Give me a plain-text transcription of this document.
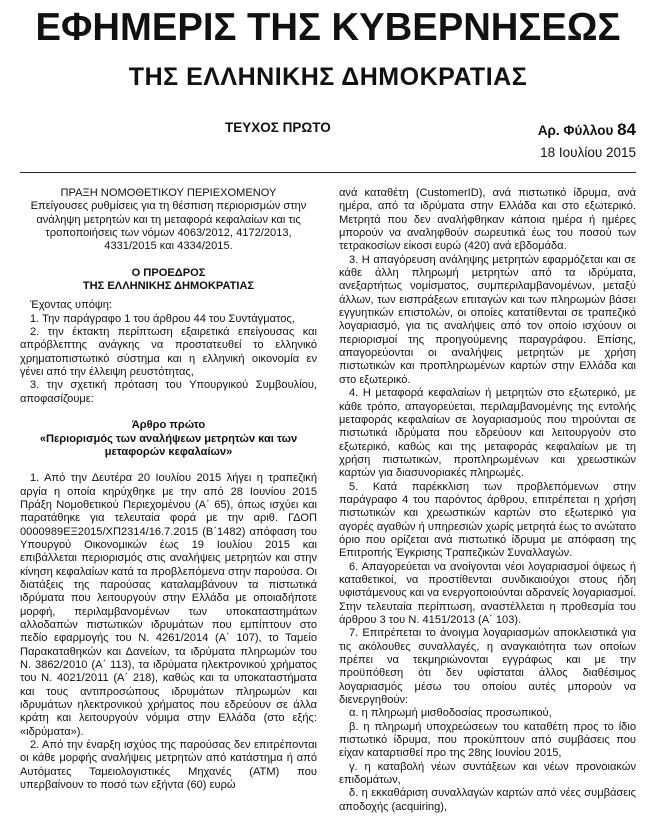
ΕΦΗΜΕΡΙΣ ΤΗΣ ΚΥΒΕΡΝΗΣΕΩΣ
ΤΗΣ ΕΛΛΗΝΙΚΗΣ ΔΗΜΟΚΡΑΤΙΑΣ
ΤΕΥΧΟΣ ΠΡΩΤΟ	Αρ. Φύλλου 84
18 Ιουλίου 2015

ΠΡΑΞΗ ΝΟΜΟΘΕΤΙΚΟΥ ΠΕΡΙΕΧΟΜΕΝΟΥ

Επείγουσες ρυθμίσεις για τη θέσπιση περιορισμών στην ανάληψη μετρητών και τη μεταφορά κεφαλαίων και τις τροποποιήσεις των νόμων 4063/2012, 4172/2013, 4331/2015 και 4334/2015.

Ο ΠΡΟΕΔΡΟΣ

ΤΗΣ ΕΛΛΗΝΙΚΗΣ ΔΗΜΟΚΡΑΤΙΑΣ

Έχοντας υπόψη:

1. Την παράγραφο 1 του άρθρου 44 του Συντάγματος,

2. την έκτακτη περίπτωση εξαιρετικά επείγουσας και απρόβλεπτης ανάγκης να προστατευθεί το ελληνικό χρηματοπιστωτικό σύστημα και η ελληνική οικονομία εν γένει από την έλλειψη ρευστότητας,

3. την σχετική πρόταση του Υπουργικού Συμβουλίου, αποφασίζουμε:

Άρθρο πρώτο

«Περιορισμός των αναλήψεων μετρητών και των μεταφορών κεφαλαίων»

1. Από την Δευτέρα 20 Ιουλίου 2015 λήγει η τραπεζική αργία η οποία κηρύχθηκε με την από 28 Ιουνίου 2015 Πράξη Νομοθετικού Περιεχομένου (Α΄ 65), όπως ισχύει και παρατάθηκε για τελευταία φορά με την αριθ. ΓΔΟΠ 0000989ΕΞ2015/ΧΠ2314/16.7.2015 (Β΄1482) απόφαση του Υπουργού Οικονομικών έως 19 Ιουλίου 2015 και επιβάλλεται περιορισμός στις αναλήψεις μετρητών και στην κίνηση κεφαλαίων κατά τα προβλεπόμενα στην παρούσα. Οι διατάξεις της παρούσας καταλαμβάνουν τα πιστωτικά ιδρύματα που λειτουργούν στην Ελλάδα με οποιαδήποτε μορφή, περιλαμβανομένων των υποκαταστημάτων αλλοδαπών πιστωτικών ιδρυμάτων που εμπίπτουν στο πεδίο εφαρμογής του Ν. 4261/2014 (Α΄ 107), το Ταμείο Παρακαταθηκών και Δανείων, τα ιδρύματα πληρωμών του Ν. 3862/2010 (Α΄ 113), τα ιδρύματα ηλεκτρονικού χρήματος του Ν. 4021/2011 (Α΄ 218), καθώς και τα υποκαταστήματα και τους αντιπροσώπους ιδρυμάτων πληρωμών και ιδρυμάτων ηλεκτρονικού χρήματος που εδρεύουν σε άλλα κράτη και λειτουργούν νόμιμα στην Ελλάδα (στο εξής: «ιδρύματα»).

2. Από την έναρξη ισχύος της παρούσας δεν επιτρέπονται οι κάθε μορφής αναλήψεις μετρητών από κατάστημα ή από Αυτόματες Ταμειολογιστικές Μηχανές (ΑΤΜ) που υπερβαίνουν το ποσό των εξήντα (60) ευρώ

ανά καταθέτη (CustomerID), ανά πιστωτικό ίδρυμα, ανά ημέρα, από τα ιδρύματα στην Ελλάδα και στο εξωτερικό. Μετρητά που δεν αναλήφθηκαν κάποια ημέρα ή ημέρες μπορούν να αναληφθούν σωρευτικά έως του ποσού των τετρακοσίων είκοσι ευρώ (420) ανά εβδομάδα.

3. Η απαγόρευση ανάληψης μετρητών εφαρμόζεται και σε κάθε άλλη πληρωμή μετρητών από τα ιδρύματα, ανεξαρτήτως νομίσματος, συμπεριλαμβανομένων, μεταξύ άλλων, των εισπράξεων επιταγών και των πληρωμών βάσει εγγυητικών επιστολών, οι οποίες κατατίθενται σε τραπεζικό λογαριασμό, για τις αναλήψεις από τον οποίο ισχύουν οι περιορισμοί της προηγούμενης παραγράφου. Επίσης, απαγορεύονται οι αναλήψεις μετρητών με χρήση πιστωτικών και προπληρωμένων καρτών στην Ελλάδα και στο εξωτερικό.

4. Η μεταφορά κεφαλαίων ή μετρητών στο εξωτερικό, με κάθε τρόπο, απαγορεύεται, περιλαμβανομένης της εντολής μεταφοράς κεφαλαίων σε λογαριασμούς που τηρούνται σε πιστωτικά ιδρύματα που εδρεύουν και λειτουργούν στο εξωτερικό, καθώς και της μεταφοράς κεφαλαίων με τη χρήση πιστωτικών, προπληρωμένων και χρεωστικών καρτών για διασυνοριακές πληρωμές.

5. Κατά παρέκκλιση των προβλεπόμενων στην παράγραφο 4 του παρόντος άρθρου, επιτρέπεται η χρήση πιστωτικών και χρεωστικών καρτών στο εξωτερικό για αγορές αγαθών ή υπηρεσιών χωρίς μετρητά έως το ανώτατο όριο που ορίζεται ανά πιστωτικό ίδρυμα με απόφαση της Επιτροπής Έγκρισης Τραπεζικών Συναλλαγών.

6. Απαγορεύεται να ανοίγονται νέοι λογαριασμοί όψεως ή καταθετικοί, να προστίθενται συνδικαιούχοι στους ήδη υφιστάμενους και να ενεργοποιούνται αδρανείς λογαριασμοί. Στην τελευταία περίπτωση, αναστέλλεται η προθεσμία του άρθρου 3 του Ν. 4151/2013 (Α΄ 103).

7. Επιτρέπεται το άνοιγμα λογαριασμών αποκλειστικά για τις ακόλουθες συναλλαγές, η αναγκαιότητα των οποίων πρέπει να τεκμηριώνονται εγγράφως και με την προϋπόθεση ότι δεν υφίσταται άλλος διαθέσιμος λογαριασμός μέσω του οποίου αυτές μπορούν να διενεργηθούν:

α. η πληρωμή μισθοδοσίας προσωπικού,

β. η πληρωμή υποχρεώσεων του καταθέτη προς το ίδιο πιστωτικό ίδρυμα, που προκύπτουν από συμβάσεις που είχαν καταρτισθεί προ της 28ης Ιουνίου 2015,

γ. η καταβολή νέων συντάξεων και νέων προνοιακών επιδομάτων,

δ. η εκκαθάριση συναλλαγών καρτών από νέες συμβάσεις αποδοχής (acquiring),
